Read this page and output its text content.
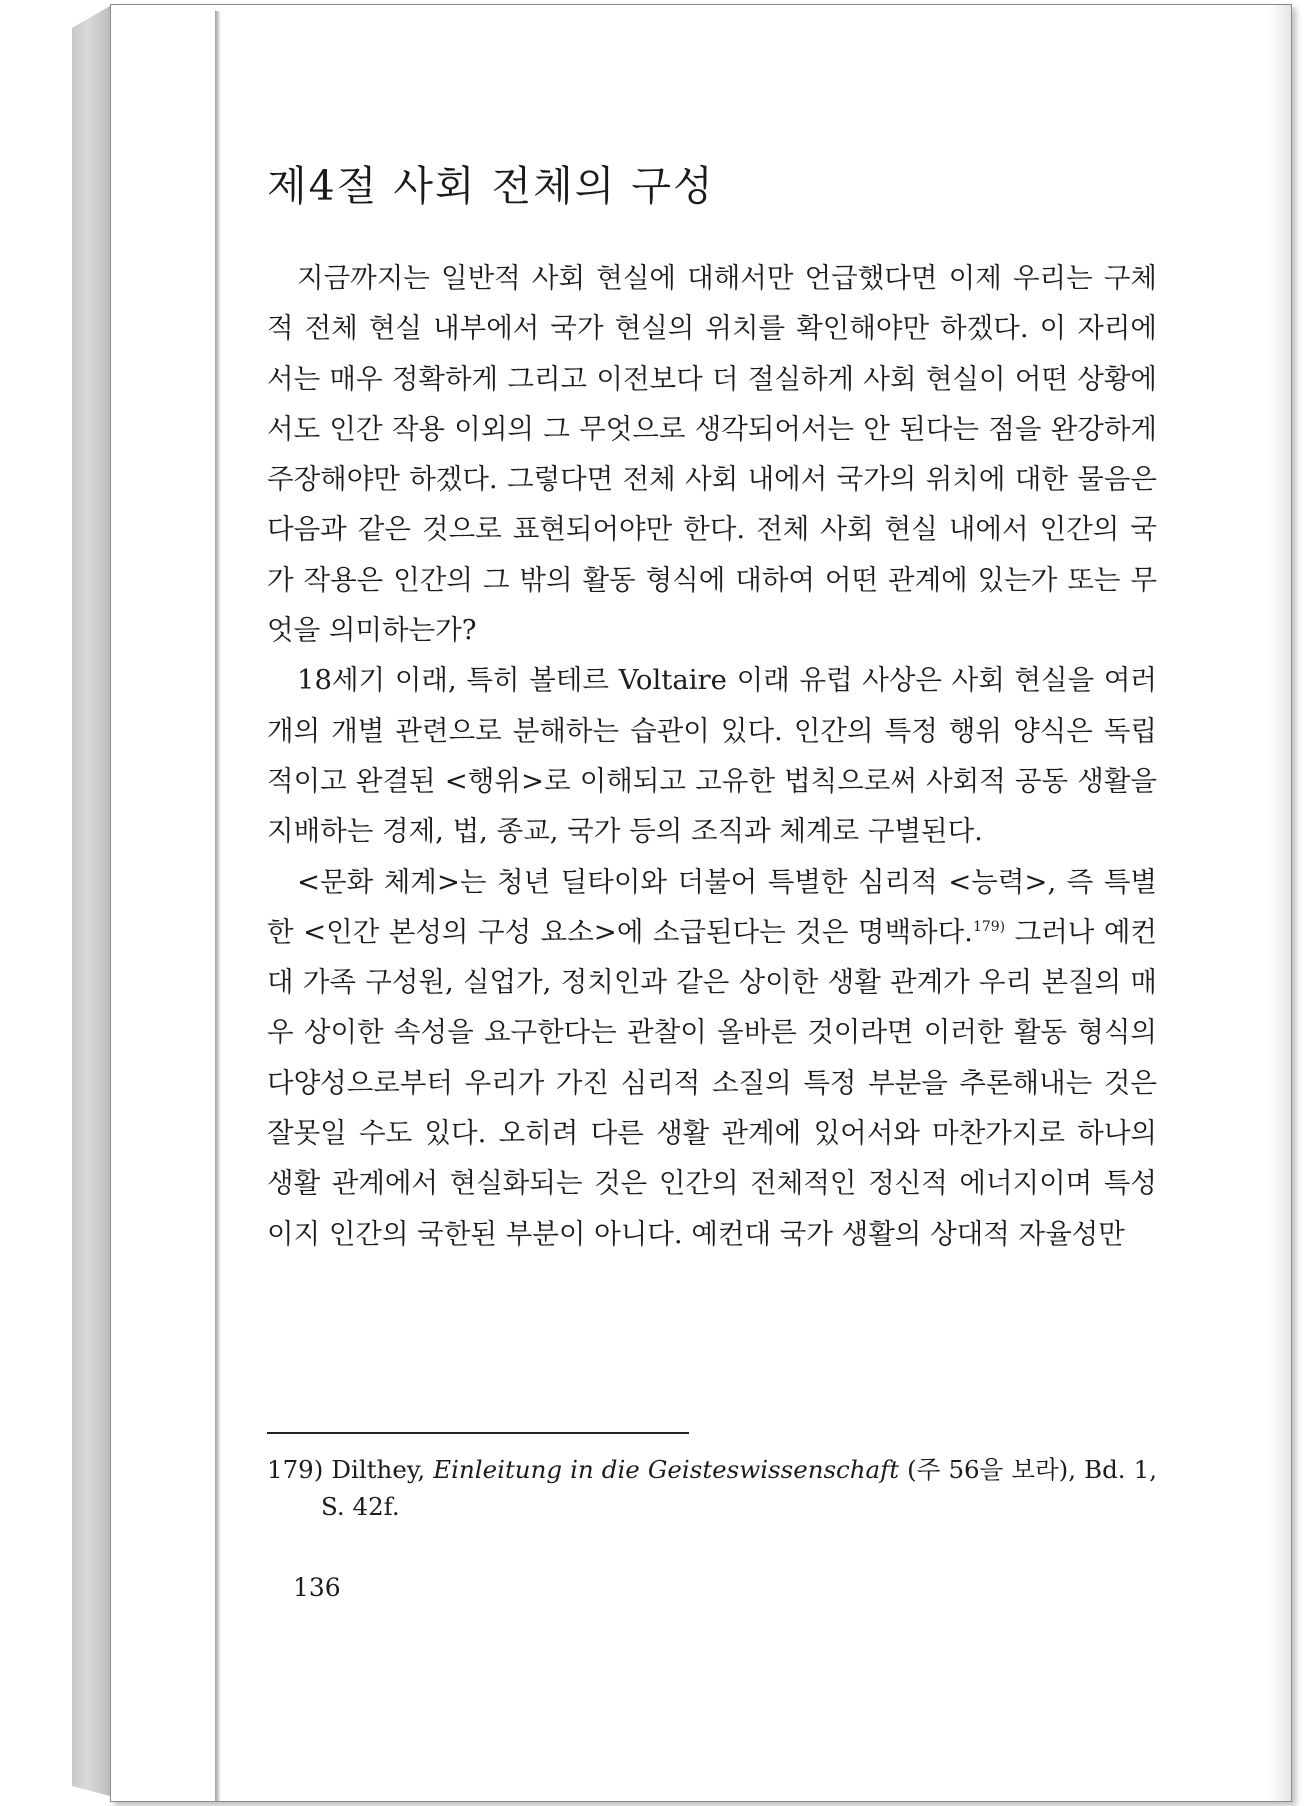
제4절 사회 전체의 구성

지금까지는 일반적 사회 현실에 대해서만 언급했다면 이제 우리는 구체적 전체 현실 내부에서 국가 현실의 위치를 확인해야만 하겠다. 이 자리에서는 매우 정확하게 그리고 이전보다 더 절실하게 사회 현실이 어떤 상황에서도 인간 작용 이외의 그 무엇으로 생각되어서는 안 된다는 점을 완강하게 주장해야만 하겠다. 그렇다면 전체 사회 내에서 국가의 위치에 대한 물음은 다음과 같은 것으로 표현되어야만 한다. 전체 사회 현실 내에서 인간의 국가 작용은 인간의 그 밖의 활동 형식에 대하여 어떤 관계에 있는가 또는 무엇을 의미하는가?

18세기 이래, 특히 볼테르 Voltaire 이래 유럽 사상은 사회 현실을 여러 개의 개별 관련으로 분해하는 습관이 있다. 인간의 특정 행위 양식은 독립적이고 완결된 <행위>로 이해되고 고유한 법칙으로써 사회적 공동 생활을 지배하는 경제, 법, 종교, 국가 등의 조직과 체계로 구별된다.

<문화 체계>는 청년 딜타이와 더불어 특별한 심리적 <능력>, 즉 특별한 <인간 본성의 구성 요소>에 소급된다는 것은 명백하다.$^{179)}$ 그러나 예컨대 가족 구성원, 실업가, 정치인과 같은 상이한 생활 관계가 우리 본질의 매우 상이한 속성을 요구한다는 관찰이 올바른 것이라면 이러한 활동 형식의 다양성으로부터 우리가 가진 심리적 소질의 특정 부분을 추론해내는 것은 잘못일 수도 있다. 오히려 다른 생활 관계에 있어서와 마찬가지로 하나의 생활 관계에서 현실화되는 것은 인간의 전체적인 정신적 에너지이며 특성이지 인간의 국한된 부분이 아니다. 예컨대 국가 생활의 상대적 자율성만

179) Dilthey, Einleitung in die Geisteswissenschaft (주 56을 보라), Bd. 1, S. 42f.

136
